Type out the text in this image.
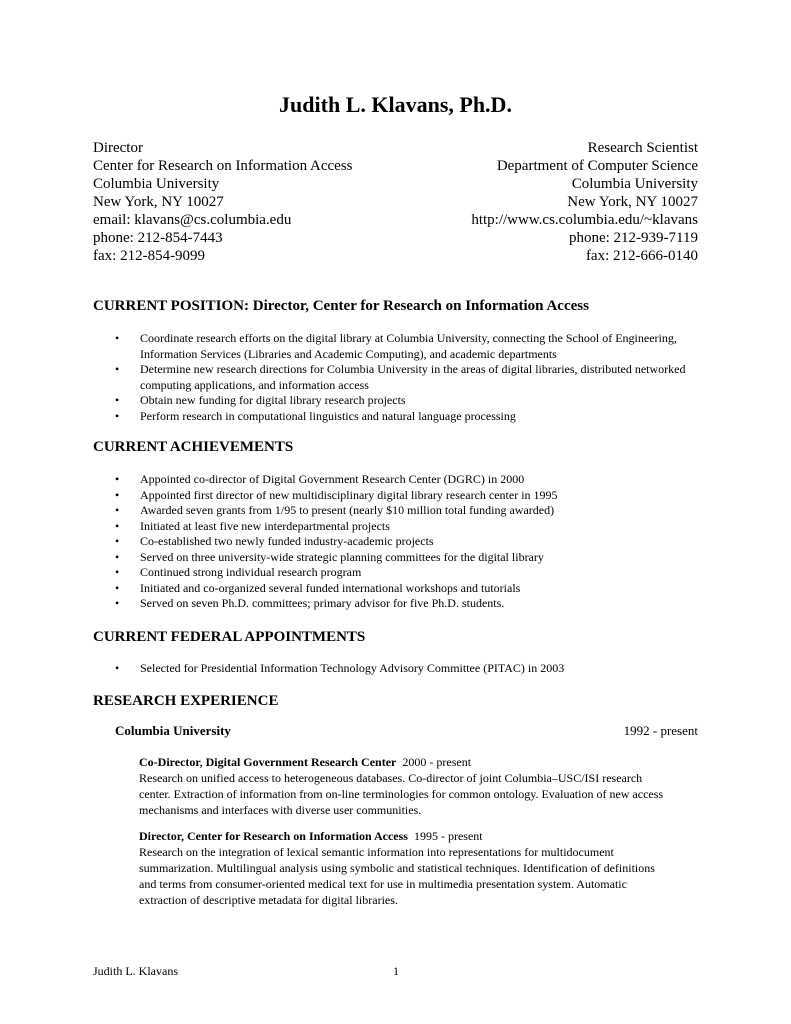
Judith L. Klavans, Ph.D.
Director
Center for Research on Information Access
Columbia University
New York, NY 10027
email: klavans@cs.columbia.edu
phone: 212-854-7443
fax: 212-854-9099
Research Scientist
Department of Computer Science
Columbia University
New York, NY 10027
http://www.cs.columbia.edu/~klavans
phone: 212-939-7119
fax: 212-666-0140
CURRENT POSITION: Director, Center for Research on Information Access
• Coordinate research efforts on the digital library at Columbia University, connecting the School of Engineering, Information Services (Libraries and Academic Computing), and academic departments
• Determine new research directions for Columbia University in the areas of digital libraries, distributed networked computing applications, and information access
• Obtain new funding for digital library research projects
• Perform research in computational linguistics and natural language processing
CURRENT ACHIEVEMENTS
• Appointed co-director of Digital Government Research Center (DGRC) in 2000
• Appointed first director of new multidisciplinary digital library research center in 1995
• Awarded seven grants from 1/95 to present (nearly $10 million total funding awarded)
• Initiated at least five new interdepartmental projects
• Co-established two newly funded industry-academic projects
• Served on three university-wide strategic planning committees for the digital library
• Continued strong individual research program
• Initiated and co-organized several funded international workshops and tutorials
• Served on seven Ph.D. committees; primary advisor for five Ph.D. students.
CURRENT FEDERAL APPOINTMENTS
• Selected for Presidential Information Technology Advisory Committee (PITAC) in 2003
RESEARCH EXPERIENCE
Columbia University	1992 - present
Co-Director, Digital Government Research Center  2000 - present
Research on unified access to heterogeneous databases. Co-director of joint Columbia–USC/ISI research center. Extraction of information from on-line terminologies for common ontology. Evaluation of new access mechanisms and interfaces with diverse user communities.
Director, Center for Research on Information Access  1995 - present
Research on the integration of lexical semantic information into representations for multidocument summarization. Multilingual analysis using symbolic and statistical techniques. Identification of definitions and terms from consumer-oriented medical text for use in multimedia presentation system. Automatic extraction of descriptive metadata for digital libraries.
Judith L. Klavans	1
